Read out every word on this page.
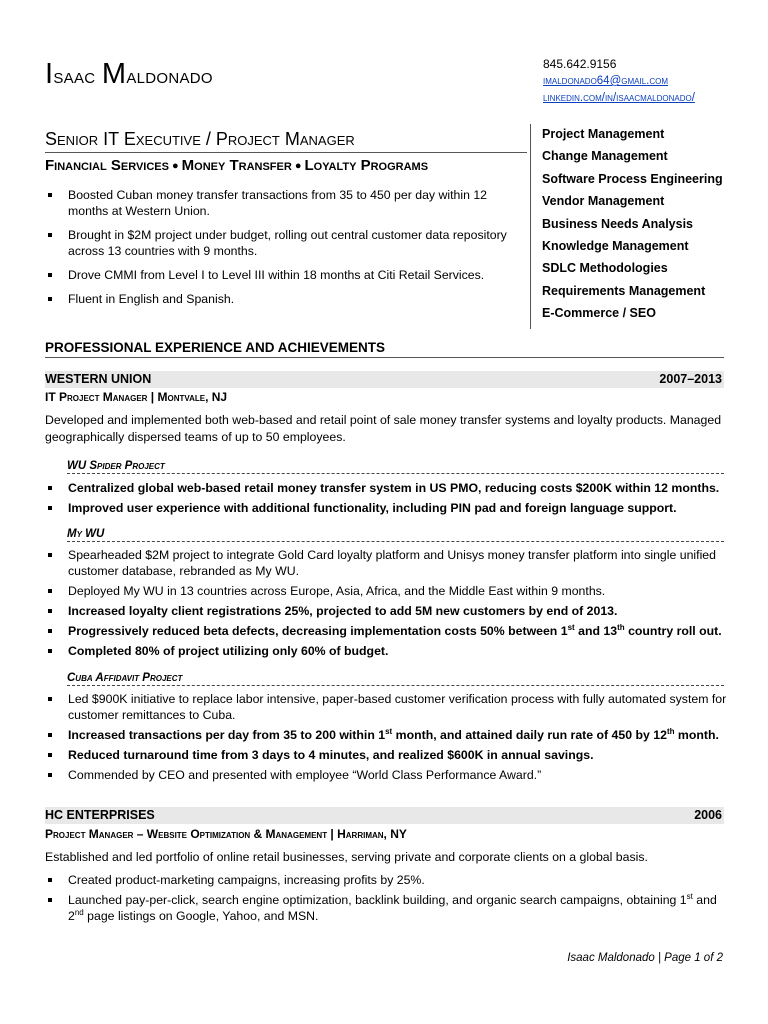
Isaac Maldonado	845.642.9156
imaldonado64@gmail.com
linkedin.com/in/isaacmaldonado/
Senior IT Executive / Project Manager
Financial Services ● Money Transfer ● Loyalty Programs
Project Management
Change Management
Software Process Engineering
Vendor Management
Business Needs Analysis
Knowledge Management
SDLC Methodologies
Requirements Management
E-Commerce / SEO
Boosted Cuban money transfer transactions from 35 to 450 per day within 12 months at Western Union.
Brought in $2M project under budget, rolling out central customer data repository across 13 countries with 9 months.
Drove CMMI from Level I to Level III within 18 months at Citi Retail Services.
Fluent in English and Spanish.
PROFESSIONAL EXPERIENCE AND ACHIEVEMENTS
WESTERN UNION	2007–2013
IT Project Manager | Montvale, NJ
Developed and implemented both web-based and retail point of sale money transfer systems and loyalty products. Managed geographically dispersed teams of up to 50 employees.
WU Spider Project
Centralized global web-based retail money transfer system in US PMO, reducing costs $200K within 12 months.
Improved user experience with additional functionality, including PIN pad and foreign language support.
My WU
Spearheaded $2M project to integrate Gold Card loyalty platform and Unisys money transfer platform into single unified customer database, rebranded as My WU.
Deployed My WU in 13 countries across Europe, Asia, Africa, and the Middle East within 9 months.
Increased loyalty client registrations 25%, projected to add 5M new customers by end of 2013.
Progressively reduced beta defects, decreasing implementation costs 50% between 1st and 13th country roll out.
Completed 80% of project utilizing only 60% of budget.
Cuba Affidavit Project
Led $900K initiative to replace labor intensive, paper-based customer verification process with fully automated system for customer remittances to Cuba.
Increased transactions per day from 35 to 200 within 1st month, and attained daily run rate of 450 by 12th month.
Reduced turnaround time from 3 days to 4 minutes, and realized $600K in annual savings.
Commended by CEO and presented with employee “World Class Performance Award.”
HC ENTERPRISES	2006
Project Manager – Website Optimization & Management | Harriman, NY
Established and led portfolio of online retail businesses, serving private and corporate clients on a global basis.
Created product-marketing campaigns, increasing profits by 25%.
Launched pay-per-click, search engine optimization, backlink building, and organic search campaigns, obtaining 1st and 2nd page listings on Google, Yahoo, and MSN.
Isaac Maldonado | Page 1 of 2
